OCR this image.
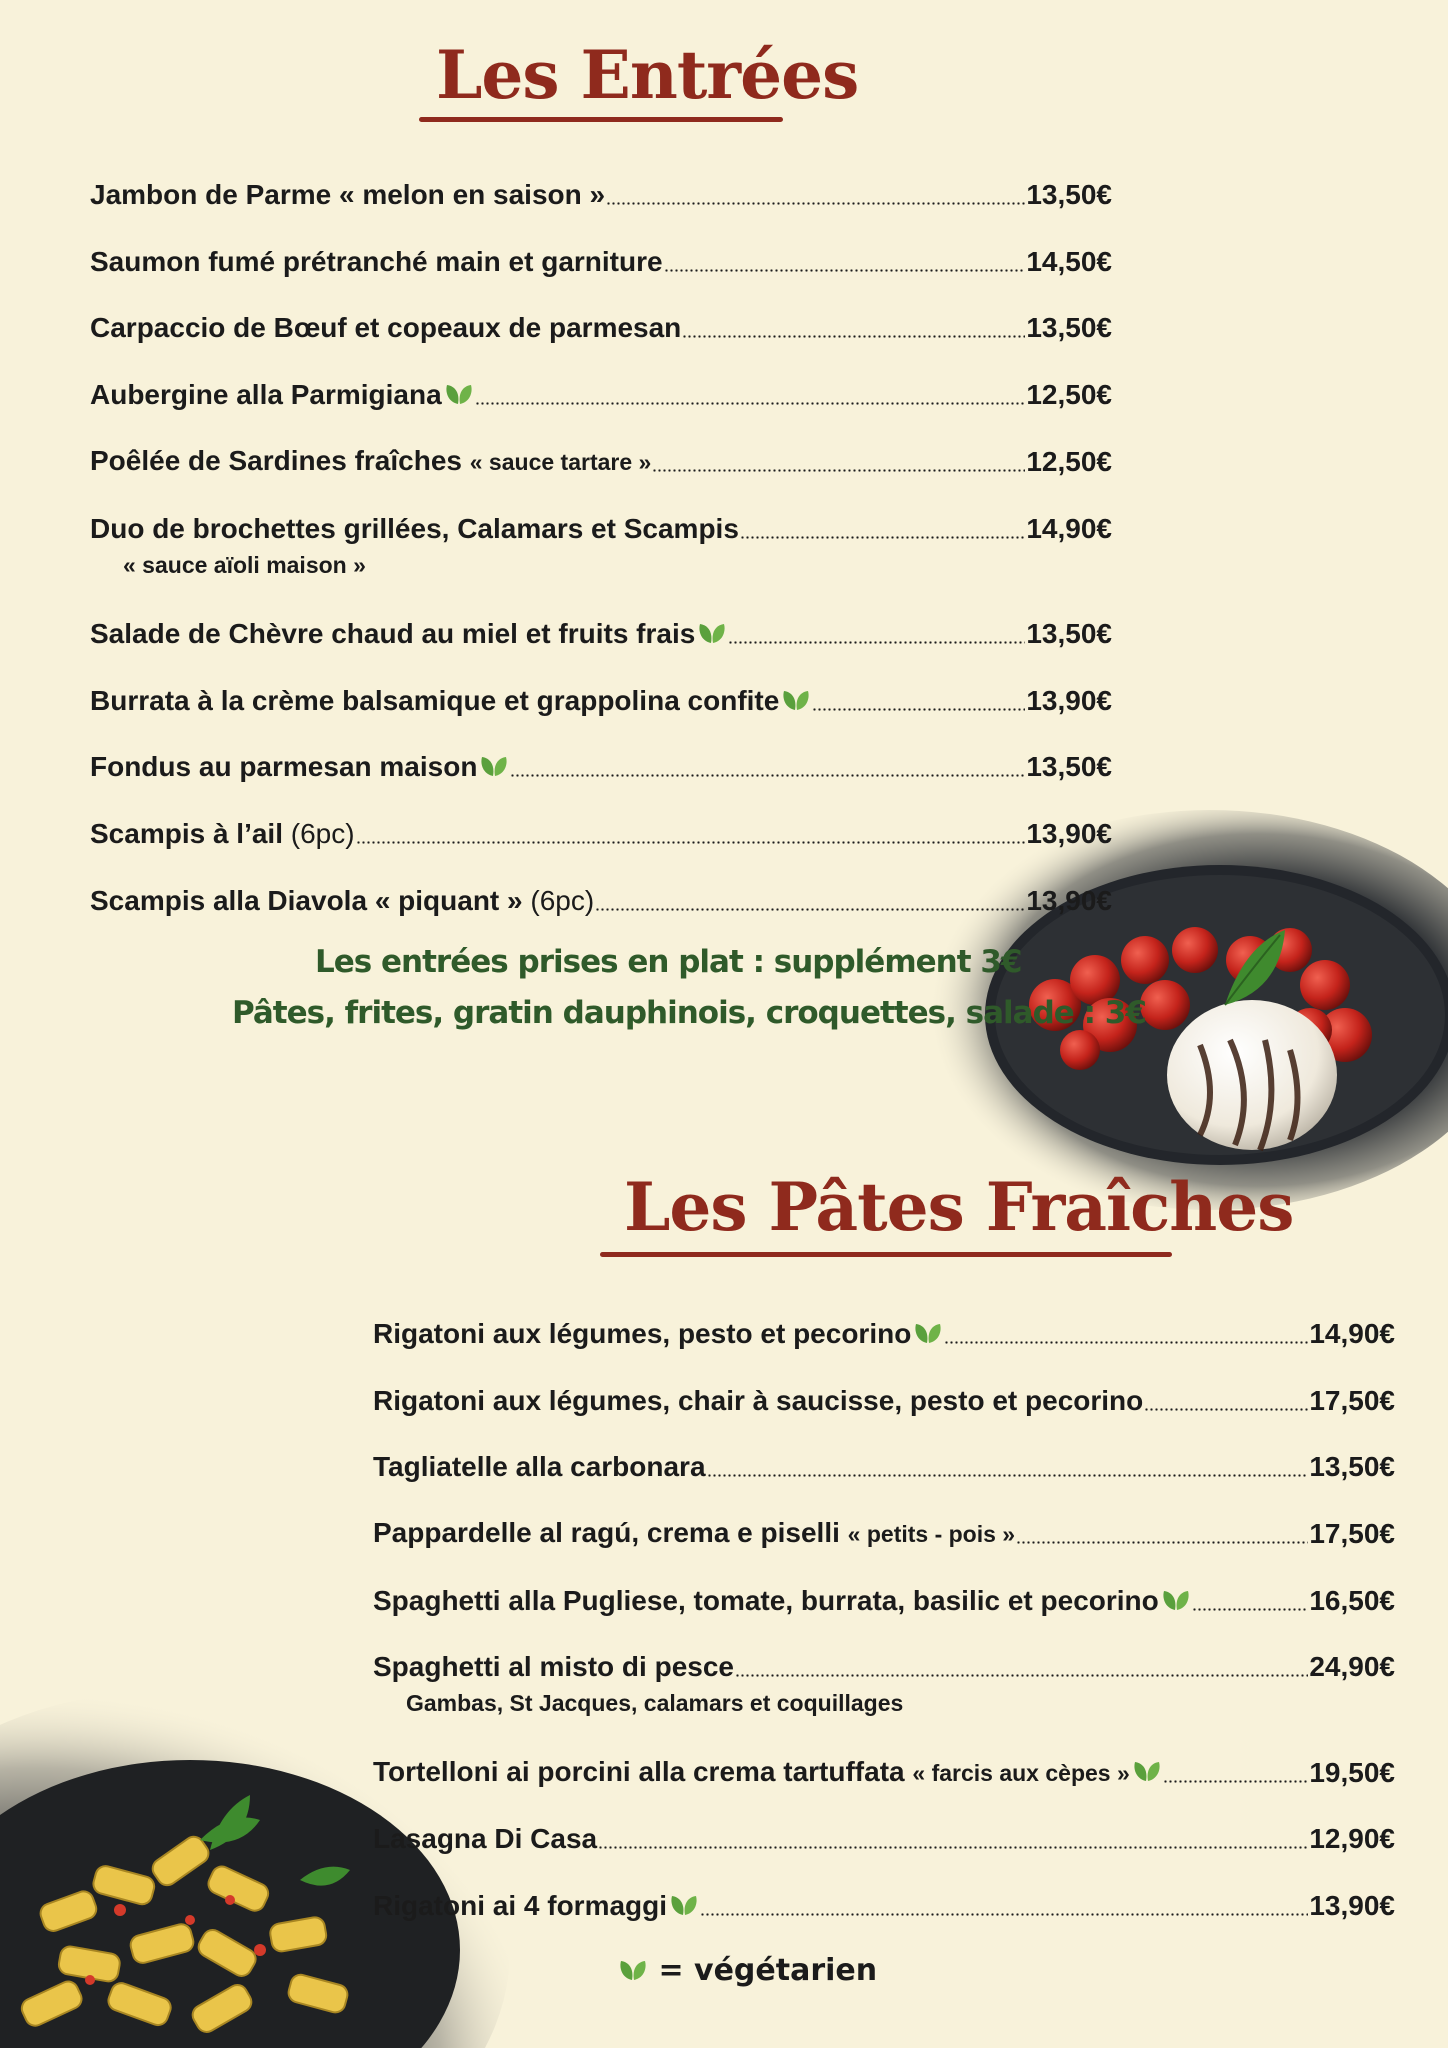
Les Entrées
Jambon de Parme « melon en saison »	13,50€
Saumon fumé prétranché main et garniture	14,50€
Carpaccio de Bœuf et copeaux de parmesan	13,50€
Aubergine alla Parmigiana	12,50€
Poêlée de Sardines fraîches « sauce tartare »	12,50€
Duo de brochettes grillées, Calamars et Scampis	14,90€
« sauce aïoli maison »
Salade de Chèvre chaud au miel et fruits frais	13,50€
Burrata à la crème balsamique et grappolina confite	13,90€
Fondus au parmesan maison	13,50€
Scampis à l’ail (6pc)	13,90€
Scampis alla Diavola « piquant » (6pc)	13,90€
Les entrées prises en plat : supplément 3€
Pâtes, frites, gratin dauphinois, croquettes, salade : 3€
Les Pâtes Fraîches
Rigatoni aux légumes, pesto et pecorino	14,90€
Rigatoni aux légumes, chair à saucisse, pesto et pecorino	17,50€
Tagliatelle alla carbonara	13,50€
Pappardelle al ragú, crema e piselli « petits - pois »	17,50€
Spaghetti alla Pugliese, tomate, burrata, basilic et pecorino	16,50€
Spaghetti al misto di pesce	24,90€
Gambas, St Jacques, calamars et coquillages
Tortelloni ai porcini alla crema tartuffata « farcis aux cèpes »	19,50€
Lasagna Di Casa	12,90€
Rigatoni ai 4 formaggi	13,90€
= végétarien
